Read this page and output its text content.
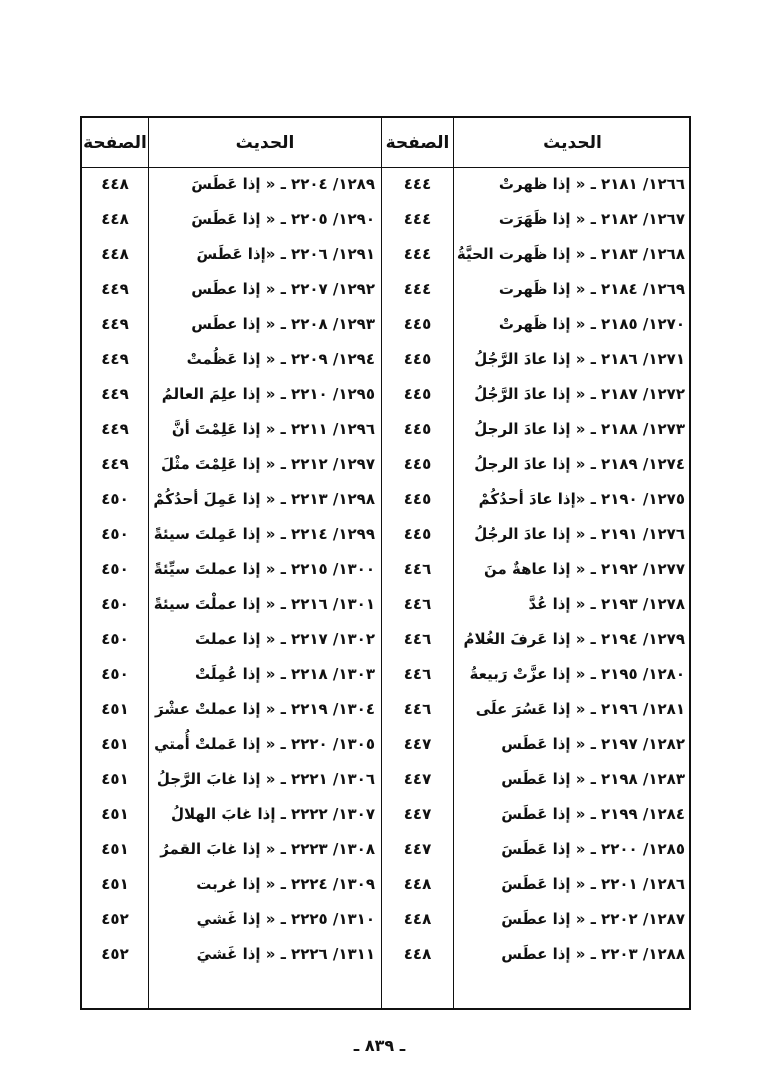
الحديث
الصفحة
الحديث
الصفحة
١٢٦٦/ ٢١٨١ ـ « إذا ظهرتْ
١٢٦٧/ ٢١٨٢ ـ « إذا ظَهَرَت
١٢٦٨/ ٢١٨٣ ـ « إذا ظَهرت الحيَّةُ
١٢٦٩/ ٢١٨٤ ـ « إذا ظَهرت
١٢٧٠/ ٢١٨٥ ـ « إذا ظَهرتْ
١٢٧١/ ٢١٨٦ ـ « إذا عادَ الرَّجُلُ
١٢٧٢/ ٢١٨٧ ـ « إذا عادَ الرَّجُلُ
١٢٧٣/ ٢١٨٨ ـ « إذا عادَ الرجلُ
١٢٧٤/ ٢١٨٩ ـ « إذا عادَ الرجلُ
١٢٧٥/ ٢١٩٠ ـ «إذا عادَ أحدُكُمْ
١٢٧٦/ ٢١٩١ ـ « إذا عادَ الرجُلُ
١٢٧٧/ ٢١٩٢ ـ « إذا عاهةٌ منَ
١٢٧٨/ ٢١٩٣ ـ « إذا عُدَّ
١٢٧٩/ ٢١٩٤ ـ « إذا عَرفَ الغُلامُ
١٢٨٠/ ٢١٩٥ ـ « إذا عزَّتْ رَبيعةُ
١٢٨١/ ٢١٩٦ ـ « إذا عَسُرَ علَى
١٢٨٢/ ٢١٩٧ ـ « إذا عَطَس
١٢٨٣/ ٢١٩٨ ـ « إذا عَطَس
١٢٨٤/ ٢١٩٩ ـ « إذا عَطَسَ
١٢٨٥/ ٢٢٠٠ ـ « إذا عَطَسَ
١٢٨٦/ ٢٢٠١ ـ « إذا عَطَسَ
١٢٨٧/ ٢٢٠٢ ـ « إذا عطَسَ
١٢٨٨/ ٢٢٠٣ ـ « إذا عطَس
٤٤٤
٤٤٤
٤٤٤
٤٤٤
٤٤٥
٤٤٥
٤٤٥
٤٤٥
٤٤٥
٤٤٥
٤٤٥
٤٤٦
٤٤٦
٤٤٦
٤٤٦
٤٤٦
٤٤٧
٤٤٧
٤٤٧
٤٤٧
٤٤٨
٤٤٨
٤٤٨
١٢٨٩/ ٢٢٠٤ ـ « إذا عَطَسَ
١٢٩٠/ ٢٢٠٥ ـ « إذا عَطَسَ
١٢٩١/ ٢٢٠٦ ـ «إذا عَطَسَ
١٢٩٢/ ٢٢٠٧ ـ « إذا عطَس
١٢٩٣/ ٢٢٠٨ ـ « إذا عطَس
١٢٩٤/ ٢٢٠٩ ـ « إذا عَظُمتْ
١٢٩٥/ ٢٢١٠ ـ « إذا علِمَ العالمُ
١٢٩٦/ ٢٢١١ ـ « إذا عَلِمْتَ أنَّ
١٢٩٧/ ٢٢١٢ ـ « إذا عَلِمْتَ مثْلَ
١٢٩٨/ ٢٢١٣ ـ « إذا عَمِلَ أحدُكُمْ
١٢٩٩/ ٢٢١٤ ـ « إذا عَمِلتَ سيئةً
١٣٠٠/ ٢٢١٥ ـ « إذا عملتَ سيِّئةً
١٣٠١/ ٢٢١٦ ـ « إذا عملْتَ سيئةً
١٣٠٢/ ٢٢١٧ ـ « إذا عملتَ
١٣٠٣/ ٢٢١٨ ـ « إذا عُمِلَتْ
١٣٠٤/ ٢٢١٩ ـ « إذا عملتْ عشْرَ
١٣٠٥/ ٢٢٢٠ ـ « إذا عَملتْ أُمتي
١٣٠٦/ ٢٢٢١ ـ « إذا غابَ الرَّجلُ
١٣٠٧/ ٢٢٢٢ ـ إذا غابَ الهلالُ
١٣٠٨/ ٢٢٢٣ ـ « إذا غابَ القمرُ
١٣٠٩/ ٢٢٢٤ ـ « إذا غربت
١٣١٠/ ٢٢٢٥ ـ « إذا غَشي
١٣١١/ ٢٢٢٦ ـ « إذا غَشيَ
٤٤٨
٤٤٨
٤٤٨
٤٤٩
٤٤٩
٤٤٩
٤٤٩
٤٤٩
٤٤٩
٤٥٠
٤٥٠
٤٥٠
٤٥٠
٤٥٠
٤٥٠
٤٥١
٤٥١
٤٥١
٤٥١
٤٥١
٤٥١
٤٥٢
٤٥٢
ـ ٨٣٩ ـ
